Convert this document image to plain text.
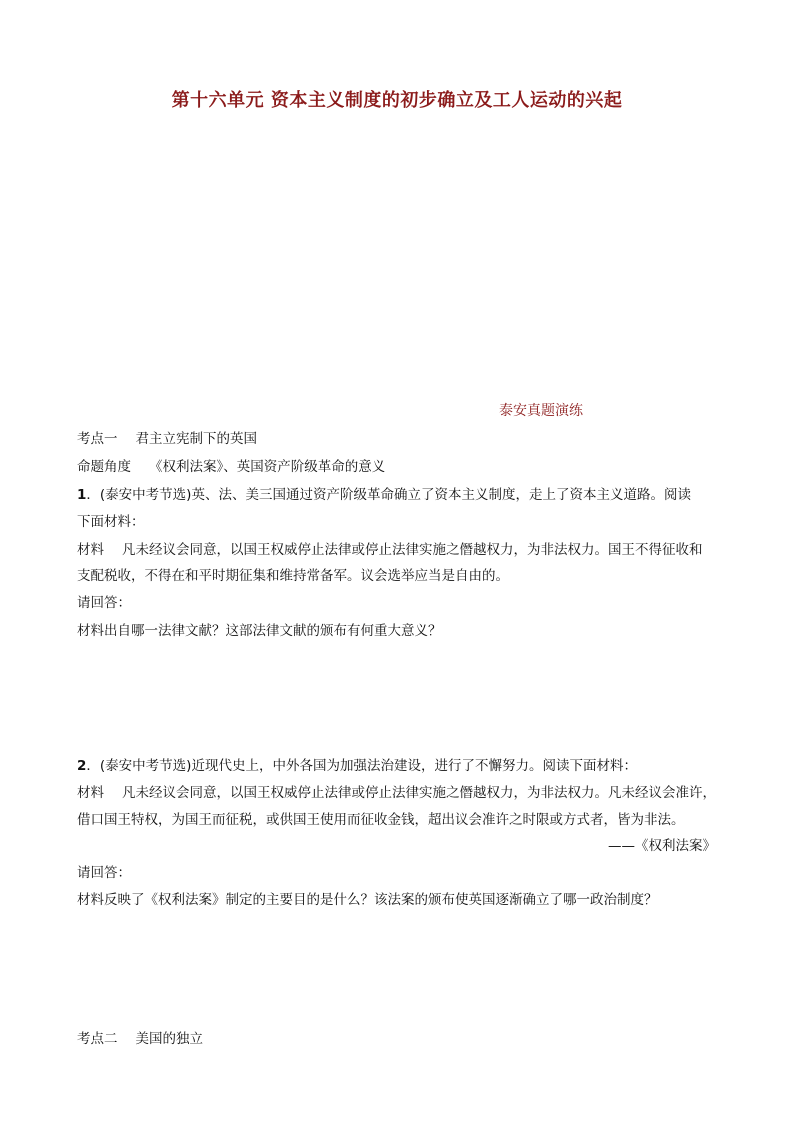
第十六单元 资本主义制度的初步确立及工人运动的兴起
泰安真题演练
考点一 君主立宪制下的英国
命题角度 《权利法案》、英国资产阶级革命的意义
1．(泰安中考节选)英、法、美三国通过资产阶级革命确立了资本主义制度，走上了资本主义道路。阅读
下面材料：
材料 凡未经议会同意，以国王权威停止法律或停止法律实施之僭越权力，为非法权力。国王不得征收和
支配税收，不得在和平时期征集和维持常备军。议会选举应当是自由的。
请回答：
材料出自哪一法律文献？这部法律文献的颁布有何重大意义？
2．(泰安中考节选)近现代史上，中外各国为加强法治建设，进行了不懈努力。阅读下面材料：
材料 凡未经议会同意，以国王权威停止法律或停止法律实施之僭越权力，为非法权力。凡未经议会准许，
借口国王特权，为国王而征税，或供国王使用而征收金钱，超出议会准许之时限或方式者，皆为非法。
——《权利法案》
请回答：
材料反映了《权利法案》制定的主要目的是什么？该法案的颁布使英国逐渐确立了哪一政治制度？
考点二 美国的独立
